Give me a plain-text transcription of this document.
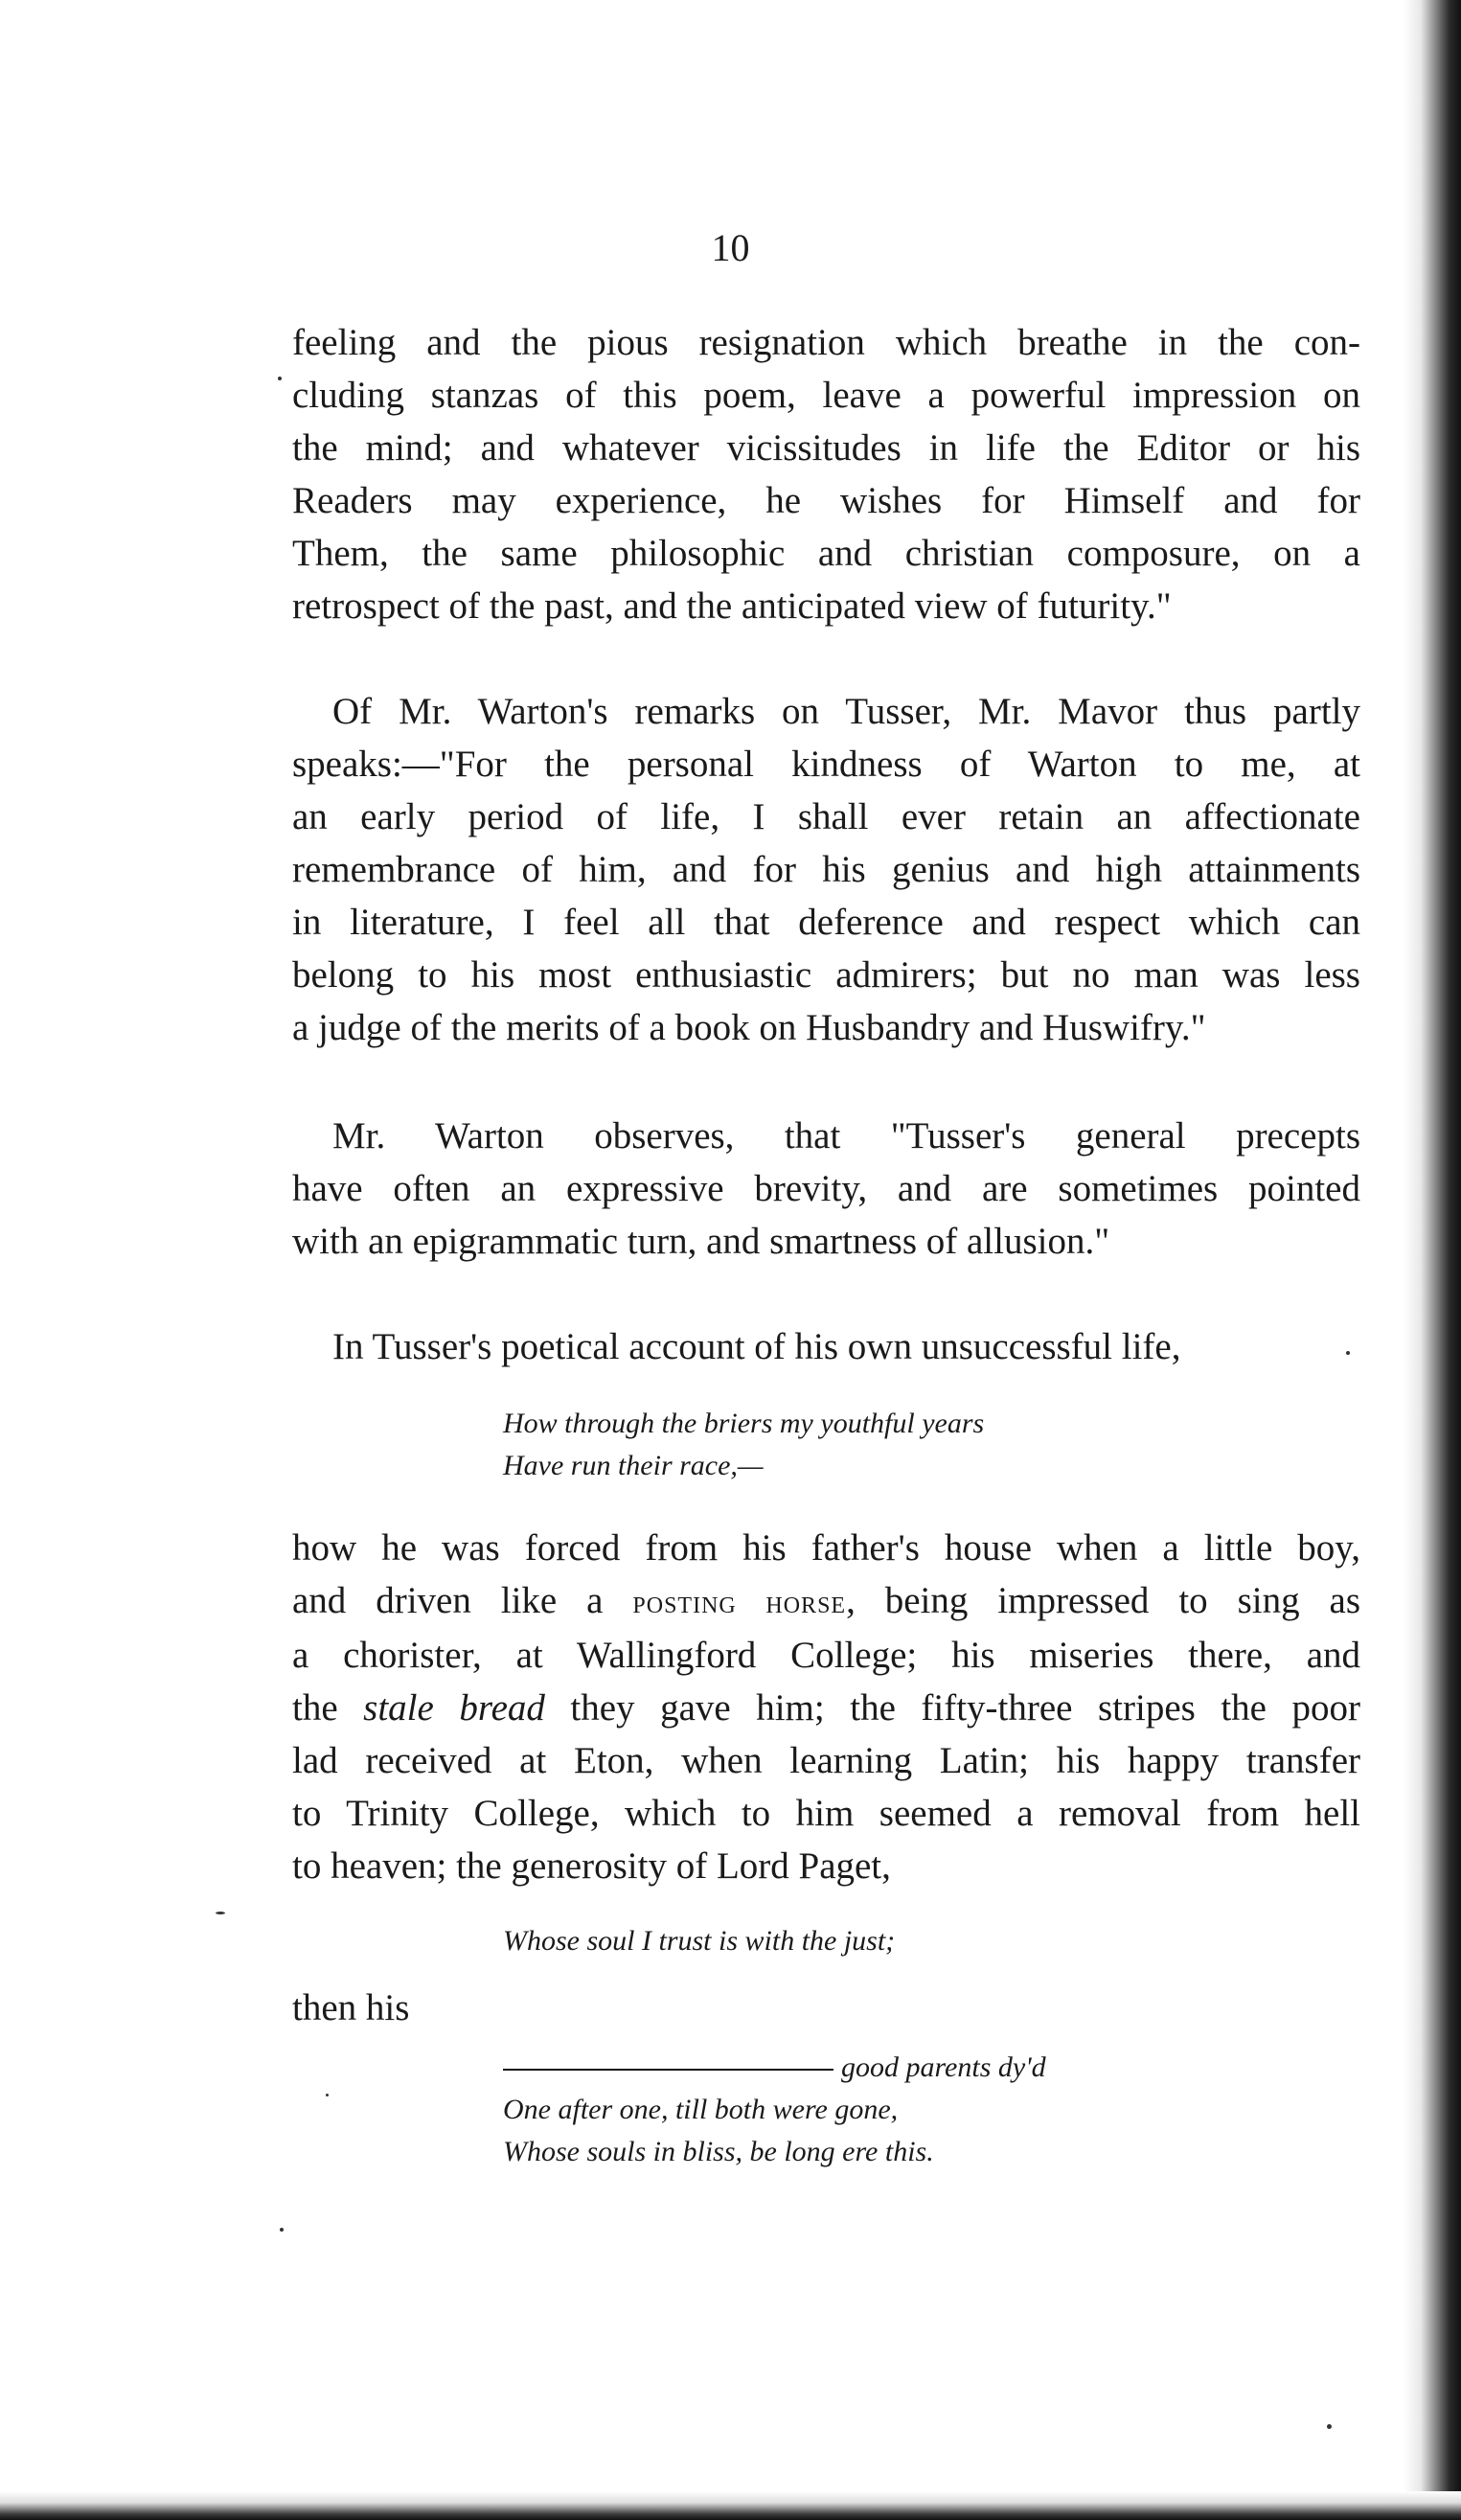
10
feeling and the pious resignation which breathe in the con-
cluding stanzas of this poem, leave a powerful impression on
the mind; and whatever vicissitudes in life the Editor or his
Readers may experience, he wishes for Himself and for
Them, the same philosophic and christian composure, on a
retrospect of the past, and the anticipated view of futurity."
Of Mr. Warton's remarks on Tusser, Mr. Mavor thus partly
speaks:—"For the personal kindness of Warton to me, at
an early period of life, I shall ever retain an affectionate
remembrance of him, and for his genius and high attainments
in literature, I feel all that deference and respect which can
belong to his most enthusiastic admirers; but no man was less
a judge of the merits of a book on Husbandry and Huswifry."
Mr. Warton observes, that "Tusser's general precepts
have often an expressive brevity, and are sometimes pointed
with an epigrammatic turn, and smartness of allusion."
In Tusser's poetical account of his own unsuccessful life,
How through the briers my youthful years
Have run their race,—
how he was forced from his father's house when a little boy,
and driven like a posting horse, being impressed to sing as
a chorister, at Wallingford College; his miseries there, and
the stale bread they gave him; the fifty-three stripes the poor
lad received at Eton, when learning Latin; his happy transfer
to Trinity College, which to him seemed a removal from hell
to heaven; the generosity of Lord Paget,
Whose soul I trust is with the just;
then his
good parents dy'd
One after one, till both were gone,
Whose souls in bliss, be long ere this.
